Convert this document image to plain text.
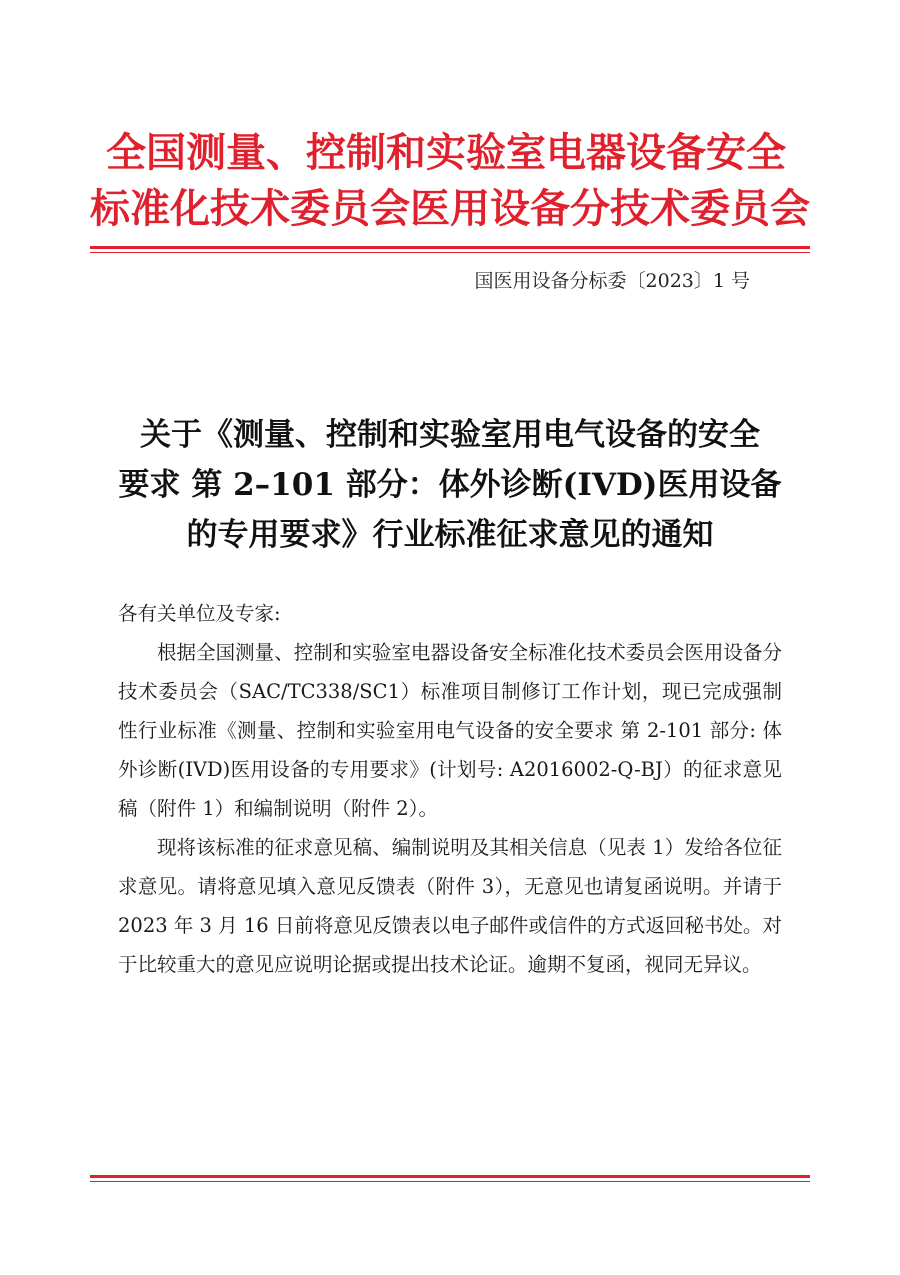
全国测量、控制和实验室电器设备安全
标准化技术委员会医用设备分技术委员会
国医用设备分标委〔2023〕1 号
关于《测量、控制和实验室用电气设备的安全
要求 第 2–101 部分：体外诊断(IVD)医用设备
的专用要求》行业标准征求意见的通知
各有关单位及专家:

根据全国测量、控制和实验室电器设备安全标准化技术委员会医用设备分技术委员会（SAC/TC338/SC1）标准项目制修订工作计划，现已完成强制性行业标准《测量、控制和实验室用电气设备的安全要求 第 2-101 部分: 体外诊断(IVD)医用设备的专用要求》(计划号: A2016002-Q-BJ）的征求意见稿（附件 1）和编制说明（附件 2）。

现将该标准的征求意见稿、编制说明及其相关信息（见表 1）发给各位征求意见。请将意见填入意见反馈表（附件 3），无意见也请复函说明。并请于 2023 年 3 月 16 日前将意见反馈表以电子邮件或信件的方式返回秘书处。对于比较重大的意见应说明论据或提出技术论证。逾期不复函，视同无异议。
